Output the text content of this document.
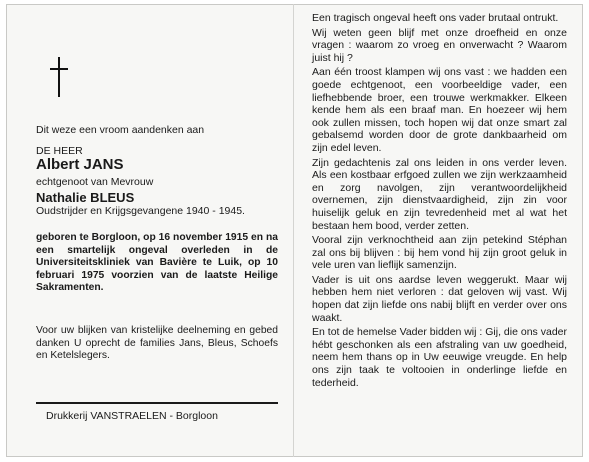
Dit weze een vroom aandenken aan
DE HEER
Albert JANS
echtgenoot van Mevrouw
Nathalie BLEUS
Oudstrijder en Krijgsgevangene 1940 - 1945.
geboren te Borgloon, op 16 november 1915 en na een smartelijk ongeval overleden in de Universiteitskliniek van Bavière te Luik, op 10 februari 1975 voorzien van de laatste Heilige Sakramenten.
Voor uw blijken van kristelijke deelneming en gebed danken U oprecht de families Jans, Bleus, Schoefs en Ketelslegers.
Drukkerij VANSTRAELEN - Borgloon

Een tragisch ongeval heeft ons vader brutaal ontrukt.

Wij weten geen blijf met onze droefheid en onze vragen : waarom zo vroeg en onverwacht ? Waarom juist hij ?

Aan één troost klampen wij ons vast : we hadden een goede echtgenoot, een voorbeeldige vader, een liefhebbende broer, een trouwe werkmakker. Elkeen kende hem als een braaf man. En hoezeer wij hem ook zullen missen, toch hopen wij dat onze smart zal gebalsemd worden door de grote dankbaarheid om zijn edel leven.

Zijn gedachtenis zal ons leiden in ons verder leven. Als een kostbaar erfgoed zullen we zijn werkzaamheid en zorg navolgen, zijn verantwoordelijkheid overnemen, zijn dienstvaardigheid, zijn zin voor huiselijk geluk en zijn tevredenheid met al wat het bestaan hem bood, verder zetten.

Vooral zijn verknochtheid aan zijn petekind Stéphan zal ons bij blijven : bij hem vond hij zijn groot geluk in vele uren van lieflijk samenzijn.

Vader is uit ons aardse leven weggerukt. Maar wij hebben hem niet verloren : dat geloven wij vast. Wij hopen dat zijn liefde ons nabij blijft en verder over ons waakt.

En tot de hemelse Vader bidden wij : Gij, die ons vader hébt geschonken als een afstraling van uw goedheid, neem hem thans op in Uw eeuwige vreugde. En help ons zijn taak te voltooien in onderlinge liefde en tederheid.
